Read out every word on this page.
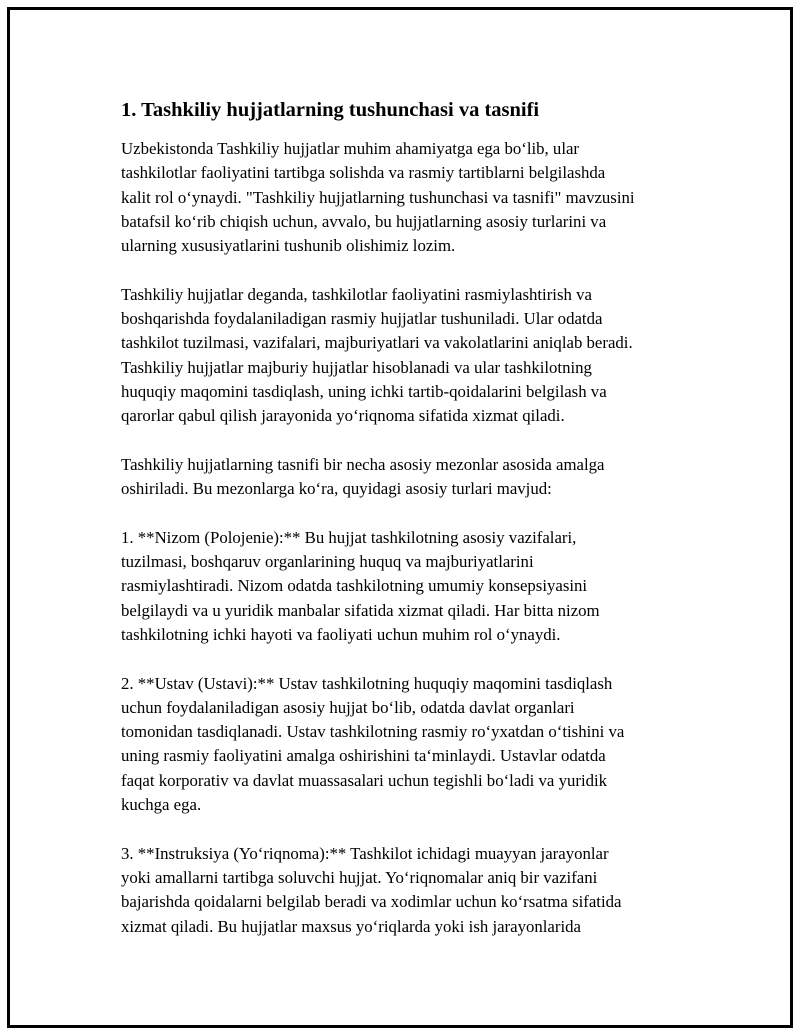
1. Tashkiliy hujjatlarning tushunchasi va tasnifi
Uzbekistonda Tashkiliy hujjatlar muhim ahamiyatga ega bo‘lib, ular
tashkilotlar faoliyatini tartibga solishda va rasmiy tartiblarni belgilashda
kalit rol o‘ynaydi. "Tashkiliy hujjatlarning tushunchasi va tasnifi" mavzusini
batafsil ko‘rib chiqish uchun, avvalo, bu hujjatlarning asosiy turlarini va
ularning xususiyatlarini tushunib olishimiz lozim.
Tashkiliy hujjatlar deganda, tashkilotlar faoliyatini rasmiylashtirish va
boshqarishda foydalaniladigan rasmiy hujjatlar tushuniladi. Ular odatda
tashkilot tuzilmasi, vazifalari, majburiyatlari va vakolatlarini aniqlab beradi.
Tashkiliy hujjatlar majburiy hujjatlar hisoblanadi va ular tashkilotning
huquqiy maqomini tasdiqlash, uning ichki tartib-qoidalarini belgilash va
qarorlar qabul qilish jarayonida yo‘riqnoma sifatida xizmat qiladi.
Tashkiliy hujjatlarning tasnifi bir necha asosiy mezonlar asosida amalga
oshiriladi. Bu mezonlarga ko‘ra, quyidagi asosiy turlari mavjud:
1. **Nizom (Polojenie):** Bu hujjat tashkilotning asosiy vazifalari,
tuzilmasi, boshqaruv organlarining huquq va majburiyatlarini
rasmiylashtiradi. Nizom odatda tashkilotning umumiy konsepsiyasini
belgilaydi va u yuridik manbalar sifatida xizmat qiladi. Har bitta nizom
tashkilotning ichki hayoti va faoliyati uchun muhim rol o‘ynaydi.
2. **Ustav (Ustavi):** Ustav tashkilotning huquqiy maqomini tasdiqlash
uchun foydalaniladigan asosiy hujjat bo‘lib, odatda davlat organlari
tomonidan tasdiqlanadi. Ustav tashkilotning rasmiy ro‘yxatdan o‘tishini va
uning rasmiy faoliyatini amalga oshirishini ta‘minlaydi. Ustavlar odatda
faqat korporativ va davlat muassasalari uchun tegishli bo‘ladi va yuridik
kuchga ega.
3. **Instruksiya (Yo‘riqnoma):** Tashkilot ichidagi muayyan jarayonlar
yoki amallarni tartibga soluvchi hujjat. Yo‘riqnomalar aniq bir vazifani
bajarishda qoidalarni belgilab beradi va xodimlar uchun ko‘rsatma sifatida
xizmat qiladi. Bu hujjatlar maxsus yo‘riqlarda yoki ish jarayonlarida
